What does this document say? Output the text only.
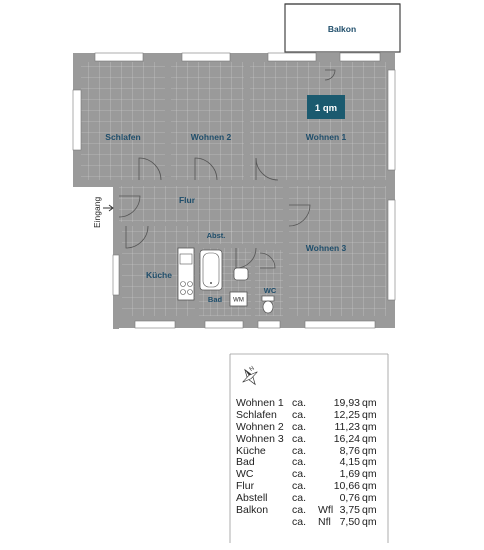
1 qm
Balkon
Schlafen	Wohnen 2	Wohnen 1
Flur
Wohnen 3
Abst.
Küche
Bad
WC
WM
Eingang
N
Wohnen 1 ca.	19,93 qm
Schlafen ca.	12,25 qm
Wohnen 2 ca.	11,23 qm
Wohnen 3 ca.	16,24 qm
Küche ca.	8,76 qm
Bad	ca.	4,15 qm
WC	ca.	1,69 qm
Flur	ca.	10,66 qm
Abstell ca.	0,76 qm
Balkon ca. Wfl 3,75 qm
ca. Nfl 7,50 qm
